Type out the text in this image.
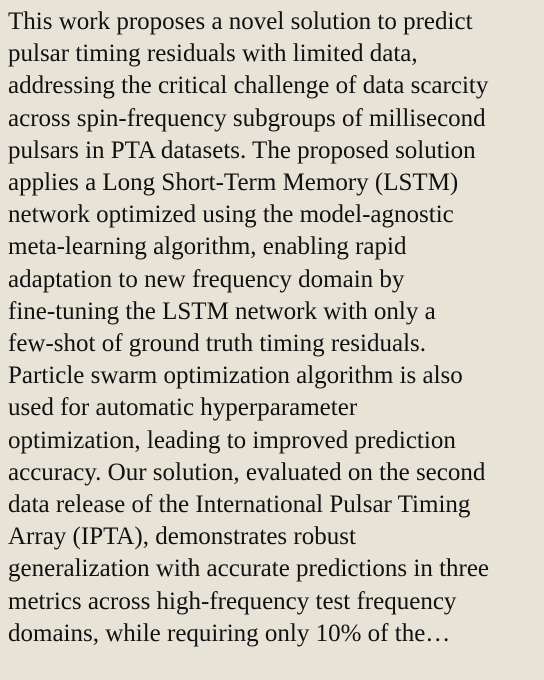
This work proposes a novel solution to predict
pulsar timing residuals with limited data,
addressing the critical challenge of data scarcity
across spin-frequency subgroups of millisecond
pulsars in PTA datasets. The proposed solution
applies a Long Short-Term Memory (LSTM)
network optimized using the model-agnostic
meta-learning algorithm, enabling rapid
adaptation to new frequency domain by
fine-tuning the LSTM network with only a
few-shot of ground truth timing residuals.
Particle swarm optimization algorithm is also
used for automatic hyperparameter
optimization, leading to improved prediction
accuracy. Our solution, evaluated on the second
data release of the International Pulsar Timing
Array (IPTA), demonstrates robust
generalization with accurate predictions in three
metrics across high-frequency test frequency
domains, while requiring only 10% of the…
